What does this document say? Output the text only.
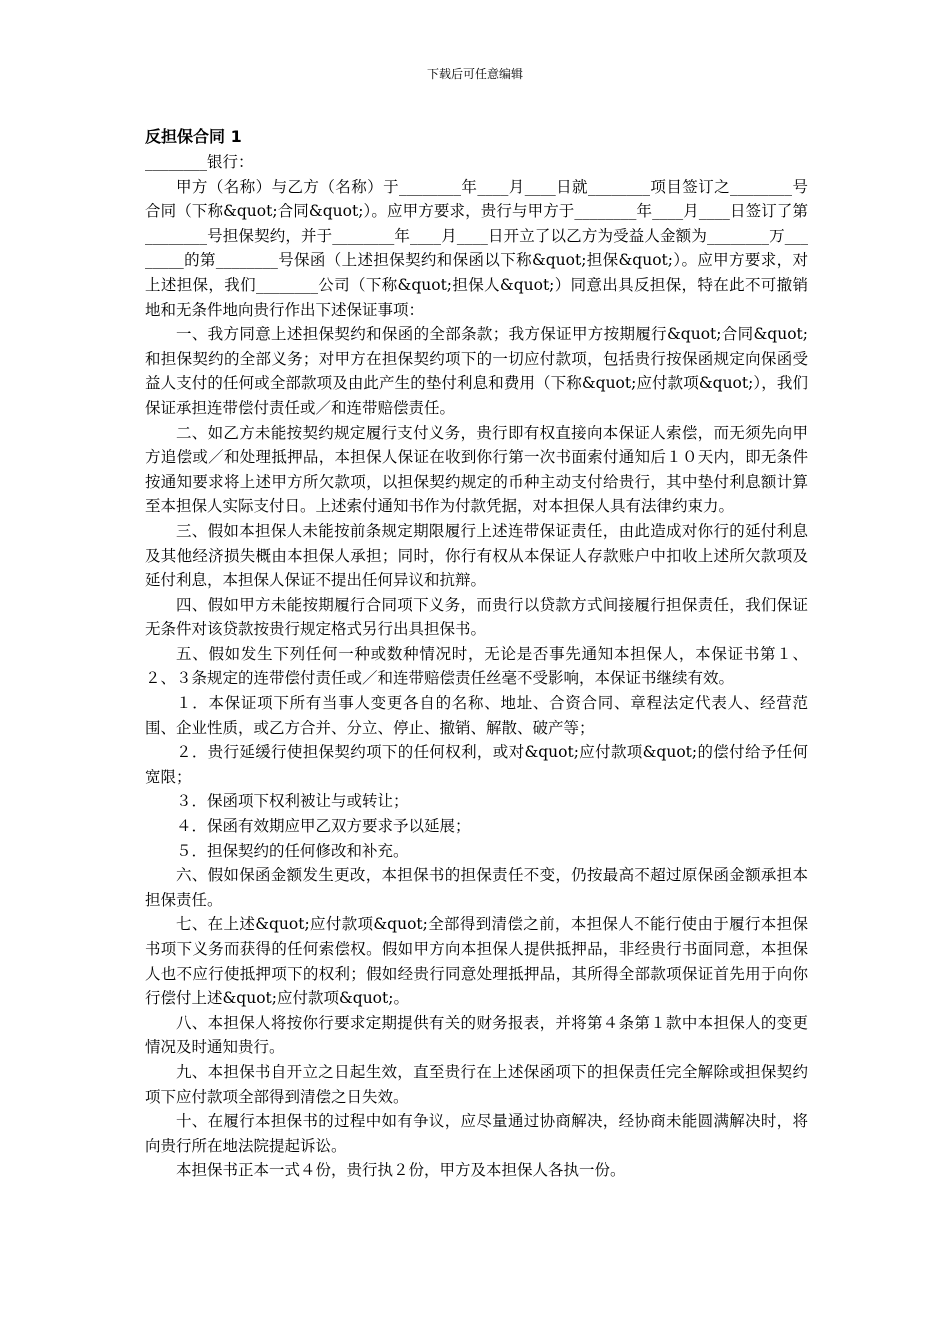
下载后可任意编辑
反担保合同 1

________银行：

甲方（名称）与乙方（名称）于________年____月____日就________项目签订之________号合同（下称&quot;合同&quot;）。应甲方要求，贵行与甲方于________年____月____日签订了第________号担保契约，并于________年____月____日开立了以乙方为受益人金额为________万________的第________号保函（上述担保契约和保函以下称&quot;担保&quot;）。应甲方要求，对上述担保，我们________公司（下称&quot;担保人&quot;）同意出具反担保，特在此不可撤销地和无条件地向贵行作出下述保证事项：

一、我方同意上述担保契约和保函的全部条款；我方保证甲方按期履行&quot;合同&quot;和担保契约的全部义务；对甲方在担保契约项下的一切应付款项，包括贵行按保函规定向保函受益人支付的任何或全部款项及由此产生的垫付利息和费用（下称&quot;应付款项&quot;），我们保证承担连带偿付责任或／和连带赔偿责任。

二、如乙方未能按契约规定履行支付义务，贵行即有权直接向本保证人索偿，而无须先向甲方追偿或／和处理抵押品，本担保人保证在收到你行第一次书面索付通知后１０天内，即无条件按通知要求将上述甲方所欠款项，以担保契约规定的币种主动支付给贵行，其中垫付利息额计算至本担保人实际支付日。上述索付通知书作为付款凭据，对本担保人具有法律约束力。

三、假如本担保人未能按前条规定期限履行上述连带保证责任，由此造成对你行的延付利息及其他经济损失概由本担保人承担；同时，你行有权从本保证人存款账户中扣收上述所欠款项及延付利息，本担保人保证不提出任何异议和抗辩。

四、假如甲方未能按期履行合同项下义务，而贵行以贷款方式间接履行担保责任，我们保证无条件对该贷款按贵行规定格式另行出具担保书。

五、假如发生下列任何一种或数种情况时，无论是否事先通知本担保人，本保证书第１、２、３条规定的连带偿付责任或／和连带赔偿责任丝毫不受影响，本保证书继续有效。

１．本保证项下所有当事人变更各自的名称、地址、合资合同、章程法定代表人、经营范围、企业性质，或乙方合并、分立、停止、撤销、解散、破产等；

２．贵行延缓行使担保契约项下的任何权利，或对&quot;应付款项&quot;的偿付给予任何宽限；

３．保函项下权利被让与或转让；

４．保函有效期应甲乙双方要求予以延展；

５．担保契约的任何修改和补充。

六、假如保函金额发生更改，本担保书的担保责任不变，仍按最高不超过原保函金额承担本担保责任。

七、在上述&quot;应付款项&quot;全部得到清偿之前，本担保人不能行使由于履行本担保书项下义务而获得的任何索偿权。假如甲方向本担保人提供抵押品，非经贵行书面同意，本担保人也不应行使抵押项下的权利；假如经贵行同意处理抵押品，其所得全部款项保证首先用于向你行偿付上述&quot;应付款项&quot;。

八、本担保人将按你行要求定期提供有关的财务报表，并将第４条第１款中本担保人的变更情况及时通知贵行。

九、本担保书自开立之日起生效，直至贵行在上述保函项下的担保责任完全解除或担保契约项下应付款项全部得到清偿之日失效。

十、在履行本担保书的过程中如有争议，应尽量通过协商解决，经协商未能圆满解决时，将向贵行所在地法院提起诉讼。

本担保书正本一式４份，贵行执２份，甲方及本担保人各执一份。
